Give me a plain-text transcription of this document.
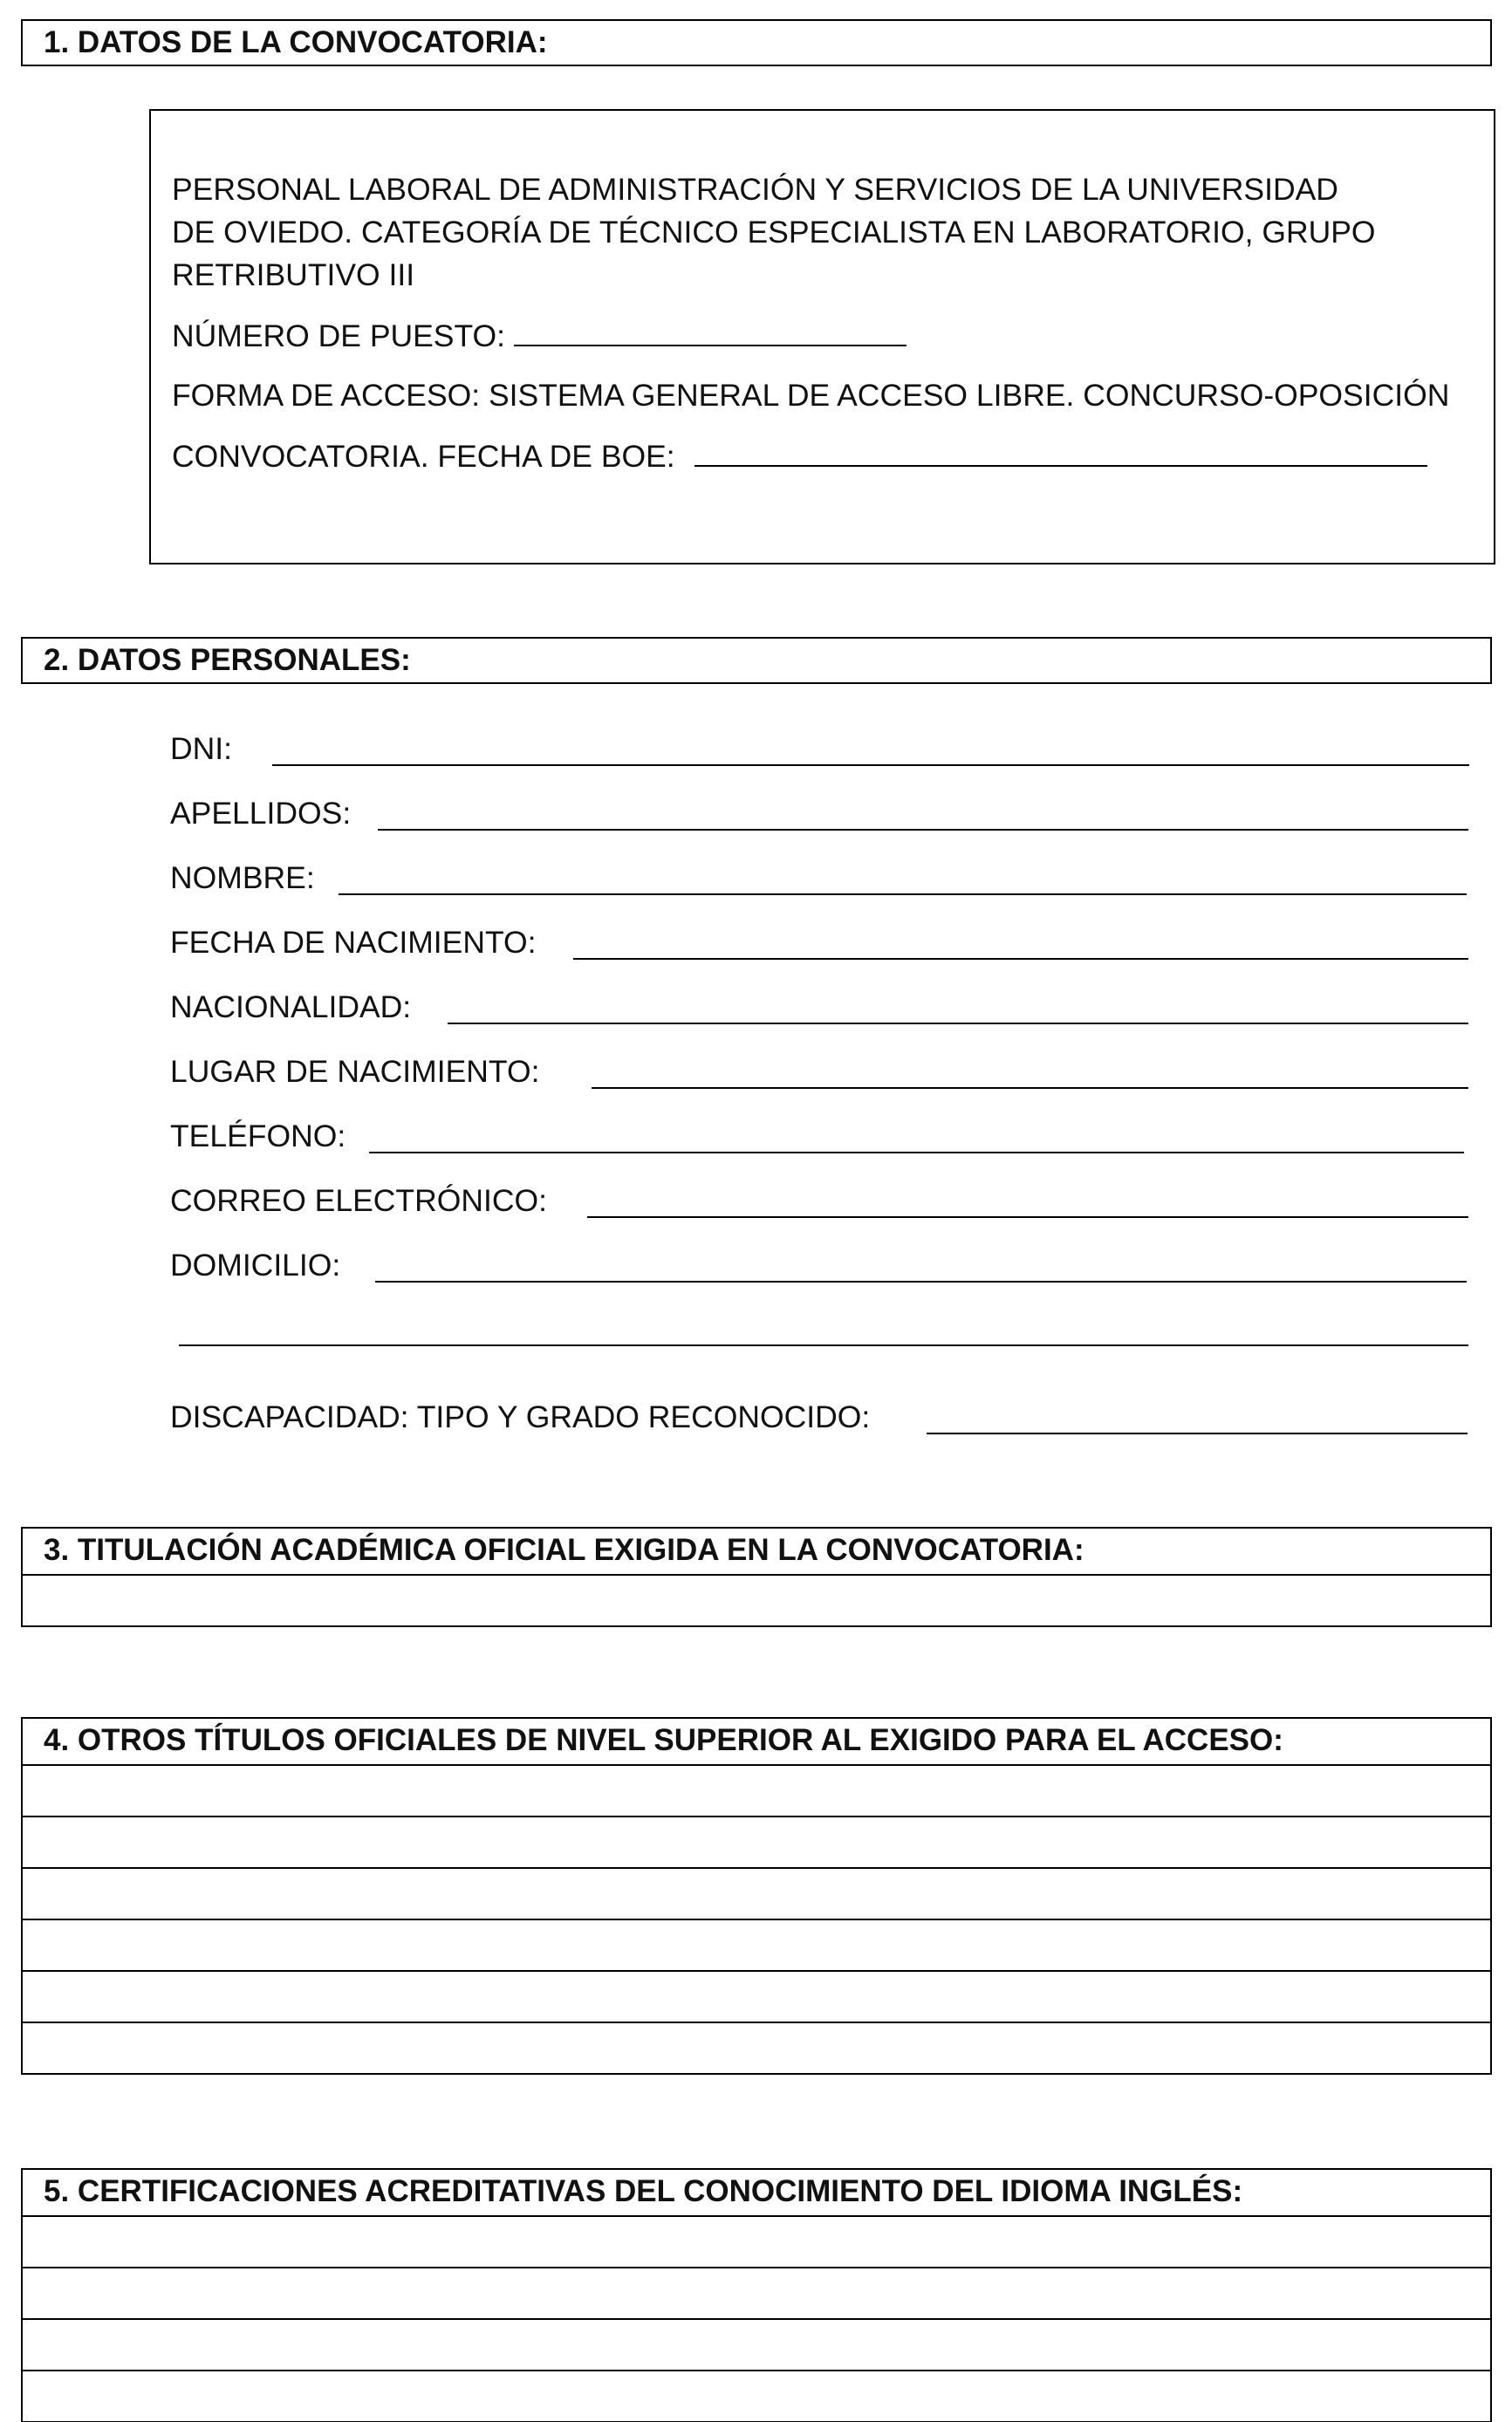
1. DATOS DE LA CONVOCATORIA:
PERSONAL LABORAL DE ADMINISTRACIÓN Y SERVICIOS DE LA UNIVERSIDAD
DE OVIEDO. CATEGORÍA DE TÉCNICO ESPECIALISTA EN LABORATORIO, GRUPO
RETRIBUTIVO III
NÚMERO DE PUESTO:
FORMA DE ACCESO: SISTEMA GENERAL DE ACCESO LIBRE. CONCURSO-OPOSICIÓN
CONVOCATORIA. FECHA DE BOE:
2. DATOS PERSONALES:
DNI:
APELLIDOS:
NOMBRE:
FECHA DE NACIMIENTO:
NACIONALIDAD:
LUGAR DE NACIMIENTO:
TELÉFONO:
CORREO ELECTRÓNICO:
DOMICILIO:
DISCAPACIDAD: TIPO Y GRADO RECONOCIDO:
3. TITULACIÓN ACADÉMICA OFICIAL EXIGIDA EN LA CONVOCATORIA:
4. OTROS TÍTULOS OFICIALES DE NIVEL SUPERIOR AL EXIGIDO PARA EL ACCESO:
5. CERTIFICACIONES ACREDITATIVAS DEL CONOCIMIENTO DEL IDIOMA INGLÉS:
